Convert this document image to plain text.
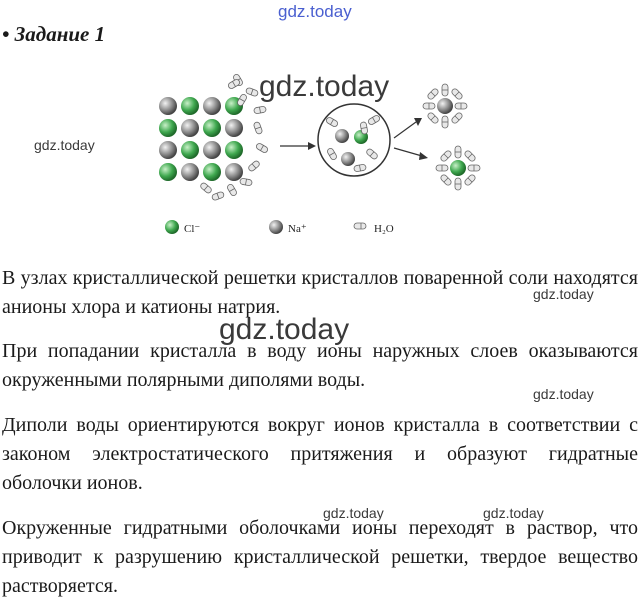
gdz.today
• Задание 1
gdz.today
Cl⁻	Na⁺	H₂O
gdz.today
В узлах кристаллической решетки кристаллов поваренной соли находятся анионы хлора и катионы натрия.
gdz.today
gdz.today
При попадании кристалла в воду ионы наружных слоев оказываются окруженными полярными диполями воды.
gdz.today
Диполи воды ориентируются вокруг ионов кристалла в соответствии с законом электростатического притяжения и образуют гидратные оболочки ионов.
Окруженные гидратными оболочками ионы переходят в раствор, что приводит к разрушению кристаллической решетки, твердое вещество растворяется.
gdz.today	gdz.today
